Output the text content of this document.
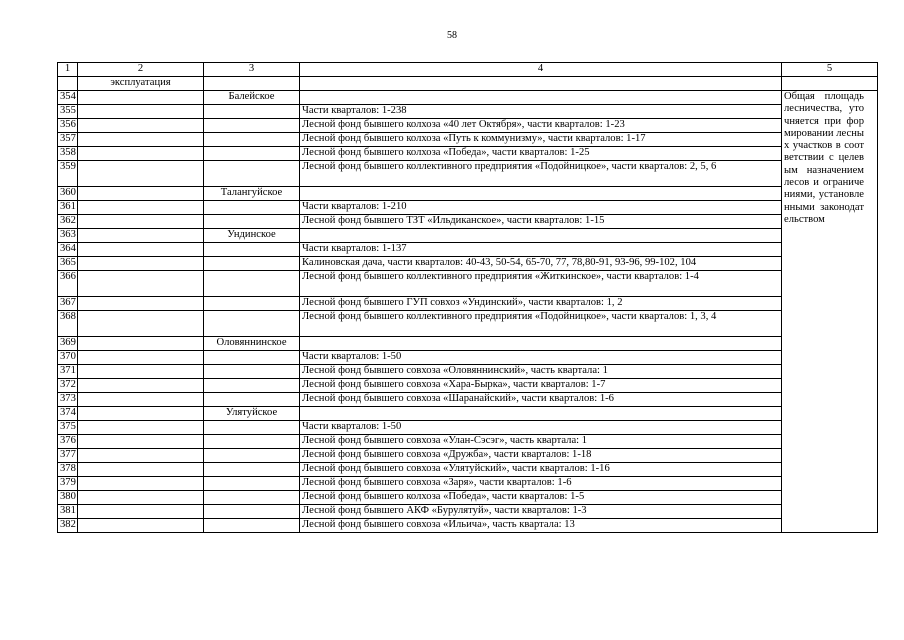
58
1	2	3	4	5
	эксплуатация			
354		Балейское		Общая площадь лесничества, уточняется при формировании лесных участков в соответствии с целевым назначением лесов и ограничениями, установленными законодательством

355			Части кварталов: 1-238	
356			Лесной фонд бывшего колхоза «40 лет Октября», части кварталов: 1-23	
357			Лесной фонд бывшего колхоза «Путь к коммунизму», части кварталов: 1-17	
358			Лесной фонд бывшего колхоза «Победа», части кварталов: 1-25	
359			Лесной фонд бывшего коллективного предприятия «Подойницкое», части кварталов: 2, 5, 6	
360		Талангуйское		
361			Части кварталов: 1-210	
362			Лесной фонд бывшего ТЗТ «Ильдиканское», части кварталов: 1-15	
363		Ундинское		
364			Части кварталов: 1-137	
365			Калиновская дача, части кварталов: 40-43, 50-54, 65-70, 77, 78,80-91, 93-96, 99-102, 104	
366			Лесной фонд бывшего коллективного предприятия «Житкинское», части кварталов: 1-4	
367			Лесной фонд бывшего ГУП совхоз «Ундинский», части кварталов: 1, 2	
368			Лесной фонд бывшего коллективного предприятия «Подойницкое», части кварталов: 1, 3, 4	
369		Оловяннинское		
370			Части кварталов: 1-50	
371			Лесной фонд бывшего совхоза «Оловяннинский», часть квартала: 1	
372			Лесной фонд бывшего совхоза «Хара-Бырка», части кварталов: 1-7	
373			Лесной фонд бывшего совхоза «Шаранайский», части кварталов: 1-6	
374		Улятуйское		
375			Части кварталов: 1-50	
376			Лесной фонд бывшего совхоза «Улан-Сэсэг», часть квартала: 1	
377			Лесной фонд бывшего совхоза «Дружба», части кварталов: 1-18	
378			Лесной фонд бывшего совхоза «Улятуйский», части кварталов: 1-16	
379			Лесной фонд бывшего совхоза «Заря», части кварталов: 1-6	
380			Лесной фонд бывшего колхоза «Победа», части кварталов: 1-5	
381			Лесной фонд бывшего АКФ «Бурулятуй», части кварталов: 1-3	
382			Лесной фонд бывшего совхоза «Ильича», часть квартала: 13	
